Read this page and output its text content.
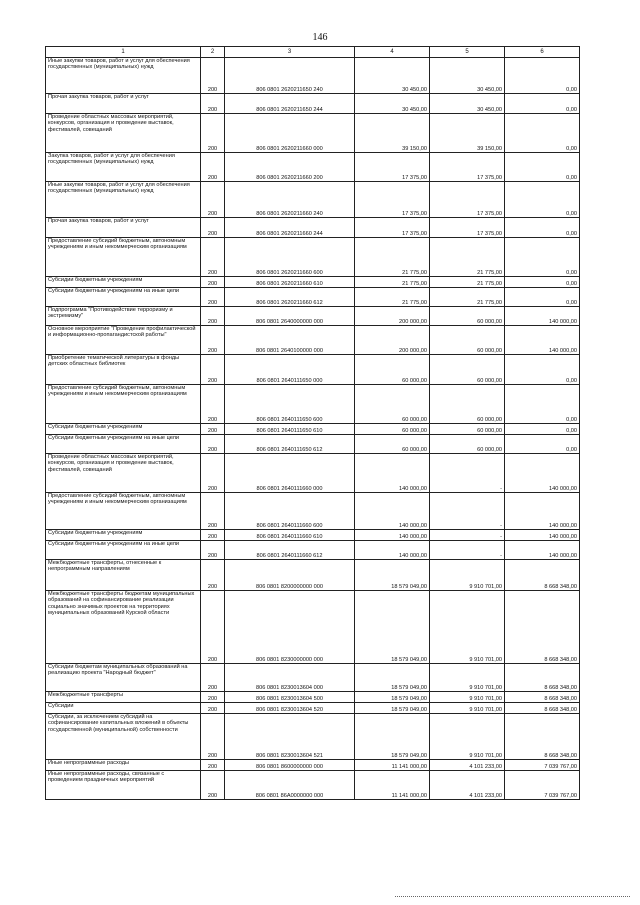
146
1	2	3	4	5	6
Иные закупки товаров, работ и услуг для обеспечения государственных (муниципальных) нужд	200	806 0801 2620211650 240	30 450,00	30 450,00	0,00
Прочая закупка товаров, работ и услуг	200	806 0801 2620211650 244	30 450,00	30 450,00	0,00
Проведение областных массовых мероприятий, конкурсов, организация и проведение выставок, фестивалей, совещаний	200	806 0801 2620211660 000	39 150,00	39 150,00	0,00
Закупка товаров, работ и услуг для обеспечения государственных (муниципальных) нужд	200	806 0801 2620211660 200	17 375,00	17 375,00	0,00
Иные закупки товаров, работ и услуг для обеспечения государственных (муниципальных) нужд	200	806 0801 2620211660 240	17 375,00	17 375,00	0,00
Прочая закупка товаров, работ и услуг	200	806 0801 2620211660 244	17 375,00	17 375,00	0,00
Предоставление субсидий бюджетным, автономным учреждениям и иным некоммерческим организациям	200	806 0801 2620211660 600	21 775,00	21 775,00	0,00
Субсидии бюджетным учреждениям	200	806 0801 2620211660 610	21 775,00	21 775,00	0,00
Субсидии бюджетным учреждениям на иные цели	200	806 0801 2620211660 612	21 775,00	21 775,00	0,00
Подпрограмма "Противодействие терроризму и экстремизму"	200	806 0801 2640000000 000	200 000,00	60 000,00	140 000,00
Основное мероприятие "Проведение профилактической и информационно-пропагандистской работы"	200	806 0801 2640100000 000	200 000,00	60 000,00	140 000,00
Приобретение тематической литературы в фонды детских областных библиотек	200	806 0801 2640111650 000	60 000,00	60 000,00	0,00
Предоставление субсидий бюджетным, автономным учреждениям и иным некоммерческим организациям	200	806 0801 2640111650 600	60 000,00	60 000,00	0,00
Субсидии бюджетным учреждениям	200	806 0801 2640111650 610	60 000,00	60 000,00	0,00
Субсидии бюджетным учреждениям на иные цели	200	806 0801 2640111650 612	60 000,00	60 000,00	0,00
Проведение областных массовых мероприятий, конкурсов, организация и проведение выставок, фестивалей, совещаний	200	806 0801 2640111660 000	140 000,00	-	140 000,00
Предоставление субсидий бюджетным, автономным учреждениям и иным некоммерческим организациям	200	806 0801 2640111660 600	140 000,00	-	140 000,00
Субсидии бюджетным учреждениям	200	806 0801 2640111660 610	140 000,00	-	140 000,00
Субсидии бюджетным учреждениям на иные цели	200	806 0801 2640111660 612	140 000,00	-	140 000,00
Межбюджетные трансферты, отнесенные к непрограммным направлениям	200	806 0801 8200000000 000	18 579 049,00	9 910 701,00	8 668 348,00
Межбюджетные трансферты бюджетам муниципальных образований на софинансирование реализации социально значимых проектов на территориях муниципальных образований Курской области	200	806 0801 8230000000 000	18 579 049,00	9 910 701,00	8 668 348,00
Субсидии бюджетам муниципальных образований на реализацию проекта "Народный бюджет"	200	806 0801 8230013604 000	18 579 049,00	9 910 701,00	8 668 348,00
Межбюджетные трансферты	200	806 0801 8230013604 500	18 579 049,00	9 910 701,00	8 668 348,00
Субсидии	200	806 0801 8230013604 520	18 579 049,00	9 910 701,00	8 668 348,00
Субсидии, за исключением субсидий на софинансирование капитальных вложений в объекты государственной (муниципальной) собственности	200	806 0801 8230013604 521	18 579 049,00	9 910 701,00	8 668 348,00
Иные непрограммные расходы	200	806 0801 8600000000 000	11 141 000,00	4 101 233,00	7 039 767,00
Иные непрограммные расходы, связанные с проведением праздничных мероприятий	200	806 0801 86A0000000 000	11 141 000,00	4 101 233,00	7 039 767,00
